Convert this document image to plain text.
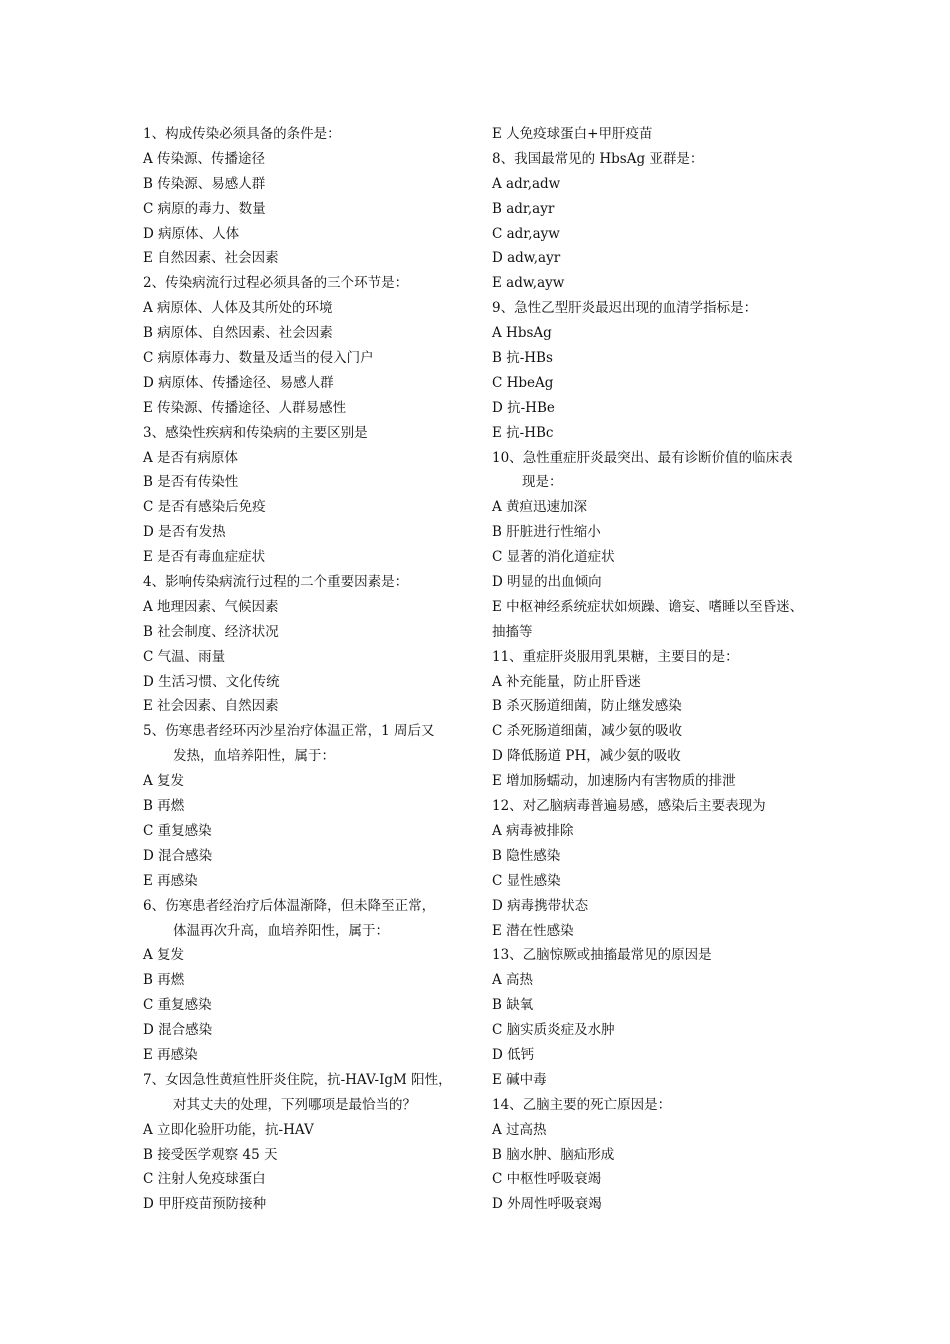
1、构成传染必须具备的条件是：
A 传染源、传播途径
B 传染源、易感人群
C 病原的毒力、数量
D 病原体、人体
E 自然因素、社会因素
2、传染病流行过程必须具备的三个环节是：
A 病原体、人体及其所处的环境
B 病原体、自然因素、社会因素
C 病原体毒力、数量及适当的侵入门户
D 病原体、传播途径、易感人群
E 传染源、传播途径、人群易感性
3、感染性疾病和传染病的主要区别是
A 是否有病原体
B 是否有传染性
C 是否有感染后免疫
D 是否有发热
E 是否有毒血症症状
4、影响传染病流行过程的二个重要因素是：
A 地理因素、气候因素
B 社会制度、经济状况
C 气温、雨量
D 生活习惯、文化传统
E 社会因素、自然因素
5、伤寒患者经环丙沙星治疗体温正常，1 周后又
发热，血培养阳性，属于：
A 复发
B 再燃
C 重复感染
D 混合感染
E 再感染
6、伤寒患者经治疗后体温渐降，但未降至正常，
体温再次升高，血培养阳性，属于：
A 复发
B 再燃
C 重复感染
D 混合感染
E 再感染
7、女因急性黄疸性肝炎住院，抗-HAV-IgM 阳性，
对其丈夫的处理，下列哪项是最恰当的？
A 立即化验肝功能，抗-HAV
B 接受医学观察 45 天
C 注射人免疫球蛋白
D 甲肝疫苗预防接种
E 人免疫球蛋白+甲肝疫苗
8、我国最常见的 HbsAg 亚群是：
A adr,adw
B adr,ayr
C adr,ayw
D adw,ayr
E adw,ayw
9、急性乙型肝炎最迟出现的血清学指标是：
A HbsAg
B 抗-HBs
C HbeAg
D 抗-HBe
E 抗-HBc
10、急性重症肝炎最突出、最有诊断价值的临床表
现是：
A 黄疸迅速加深
B 肝脏进行性缩小
C 显著的消化道症状
D 明显的出血倾向
E 中枢神经系统症状如烦躁、谵妄、嗜睡以至昏迷、
抽搐等
11、重症肝炎服用乳果糖，主要目的是：
A 补充能量，防止肝昏迷
B 杀灭肠道细菌，防止继发感染
C 杀死肠道细菌，减少氨的吸收
D 降低肠道 PH，减少氨的吸收
E 增加肠蠕动，加速肠内有害物质的排泄
12、对乙脑病毒普遍易感，感染后主要表现为
A 病毒被排除
B 隐性感染
C 显性感染
D 病毒携带状态
E 潜在性感染
13、乙脑惊厥或抽搐最常见的原因是
A 高热
B 缺氧
C 脑实质炎症及水肿
D 低钙
E 碱中毒
14、乙脑主要的死亡原因是：
A 过高热
B 脑水肿、脑疝形成
C 中枢性呼吸衰竭
D 外周性呼吸衰竭
